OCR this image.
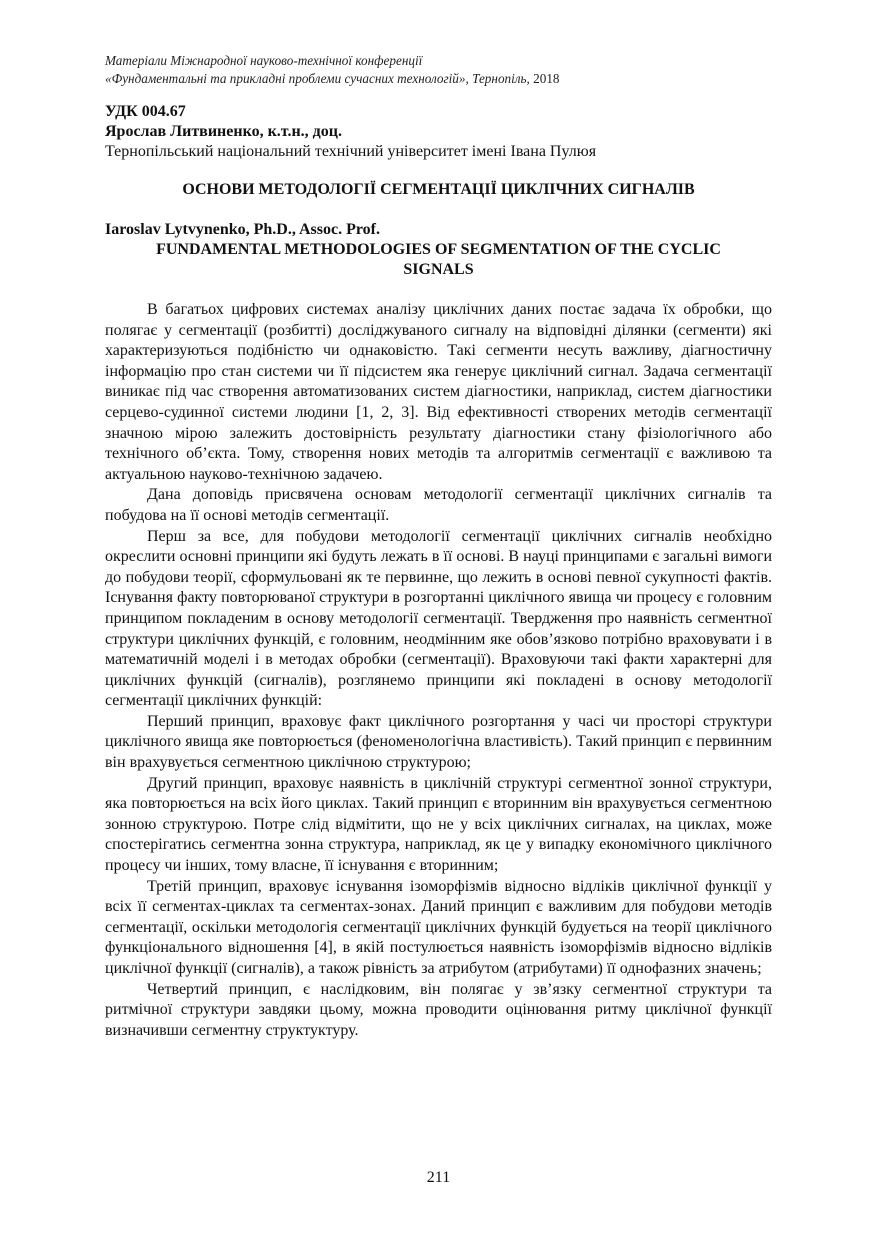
Матеріали Міжнародної науково-технічної конференції
«Фундаментальні та прикладні проблеми сучасних технологій», Тернопіль, 2018
УДК 004.67
Ярослав Литвиненко, к.т.н., доц.
Тернопільський національний технічний університет імені Івана Пулюя
ОСНОВИ МЕТОДОЛОГІЇ СЕГМЕНТАЦІЇ ЦИКЛІЧНИХ СИГНАЛІВ
Iaroslav Lytvynenko, Ph.D., Assoc. Prof.
FUNDAMENTAL METHODOLOGIES OF SEGMENTATION OF THE CYCLIC
SIGNALS

В багатьох цифрових системах аналізу циклічних даних постає задача їх обробки, що полягає у сегментації (розбитті) досліджуваного сигналу на відповідні ділянки (сегменти) які характеризуються подібністю чи однаковістю. Такі сегменти несуть важливу, діагностичну інформацію про стан системи чи її підсистем яка генерує циклічний сигнал. Задача сегментації виникає під час створення автоматизованих систем діагностики, наприклад, систем діагностики серцево-судинної системи людини [1, 2, 3]. Від ефективності створених методів сегментації значною мірою залежить достовірність результату діагностики стану фізіологічного або технічного об’єкта. Тому, створення нових методів та алгоритмів сегментації є важливою та актуальною науково-технічною задачею.

Дана доповідь присвячена основам методології сегментації циклічних сигналів та побудова на її основі методів сегментації.

Перш за все, для побудови методології сегментації циклічних сигналів необхідно окреслити основні принципи які будуть лежать в її основі. В науці принципами є загальні вимоги до побудови теорії, сформульовані як те первинне, що лежить в основі певної сукупності фактів. Існування факту повторюваної структури в розгортанні циклічного явища чи процесу є головним принципом покладеним в основу методології сегментації. Твердження про наявність сегментної структури циклічних функцій, є головним, неодмінним яке обов’язково потрібно враховувати і в математичній моделі і в методах обробки (сегментації). Враховуючи такі факти характерні для циклічних функцій (сигналів), розглянемо принципи які покладені в основу методології сегментації циклічних функцій:

Перший принцип, враховує факт циклічного розгортання у часі чи просторі структури циклічного явища яке повторюється (феноменологічна властивість). Такий принцип є первинним він врахувується сегментною циклічною структурою;

Другий принцип, враховує наявність в циклічній структурі сегментної зонної структури, яка повторюється на всіх його циклах. Такий принцип є вторинним він врахувується сегментною зонною структурою. Потре слід відмітити, що не у всіх циклічних сигналах, на циклах, може спостерігатись сегментна зонна структура, наприклад, як це у випадку економічного циклічного процесу чи інших, тому власне, її існування є вторинним;

Третій принцип, враховує існування ізоморфізмів відносно відліків циклічної функції у всіх її сегментах-циклах та сегментах-зонах. Даний принцип є важливим для побудови методів сегментації, оскільки методологія сегментації циклічних функцій будується на теорії циклічного функціонального відношення [4], в якій постулюється наявність ізоморфізмів відносно відліків циклічної функції (сигналів), а також рівність за атрибутом (атрибутами) її однофазних значень;

Четвертий принцип, є наслідковим, він полягає у зв’язку сегментної структури та ритмічної структури завдяки цьому, можна проводити оцінювання ритму циклічної функції визначивши сегментну структуктуру.

211
